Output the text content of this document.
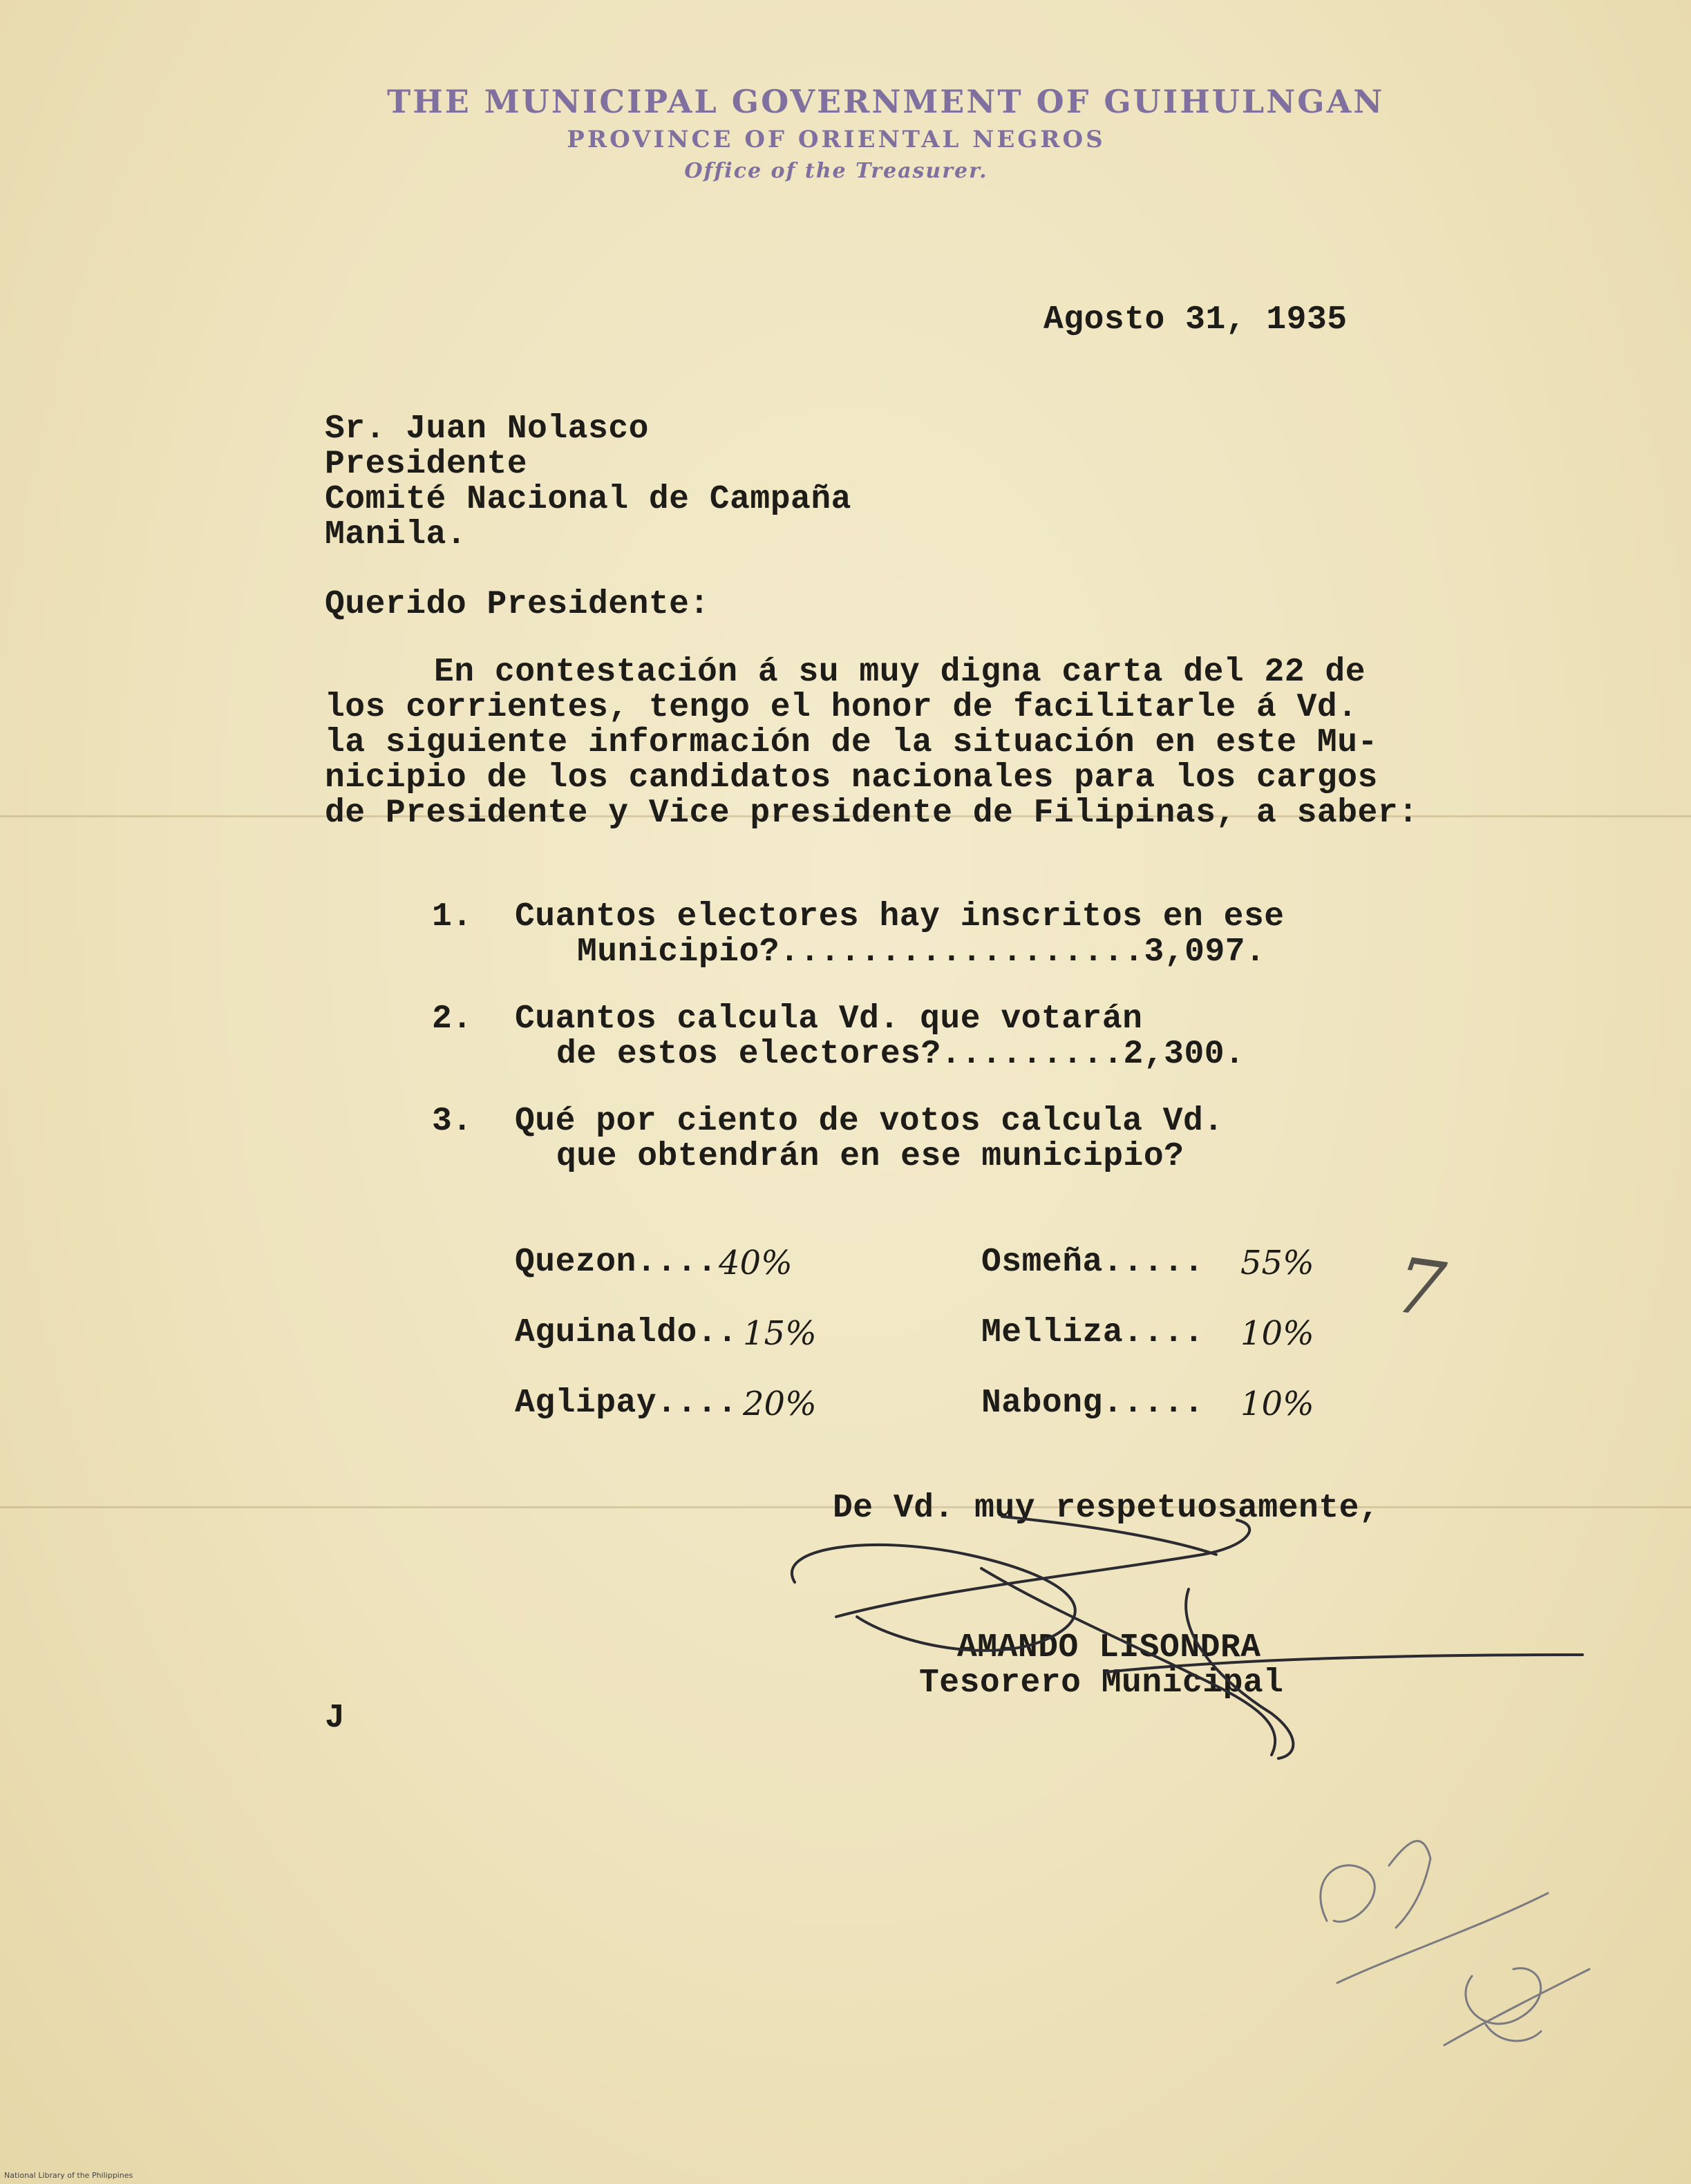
THE MUNICIPAL GOVERNMENT OF GUIHULNGAN
PROVINCE OF ORIENTAL NEGROS
Office of the Treasurer.
Agosto 31, 1935
Sr. Juan Nolasco
Presidente
Comité Nacional de Campaña
Manila.
Querido Presidente:
En contestación á su muy digna carta del 22 de
los corrientes, tengo el honor de facilitarle á Vd.
la siguiente información de la situación en este Mu-
nicipio de los candidatos nacionales para los cargos
de Presidente y Vice presidente de Filipinas, a saber:
1. Cuantos electores hay inscritos en ese
Municipio?..................3,097.
2. Cuantos calcula Vd. que votarán
de estos electores?.........2,300.
3. Qué por ciento de votos calcula Vd.
que obtendrán en ese municipio?
Quezon.... 40%
Aguinaldo.. 15%
Aglipay.... 20%
Osmeña..... 55%
Melliza.... 10%
Nabong..... 10%
De Vd. muy respetuosamente,
AMANDO LISONDRA
Tesorero Municipal
J
7
National Library of the Philippines
